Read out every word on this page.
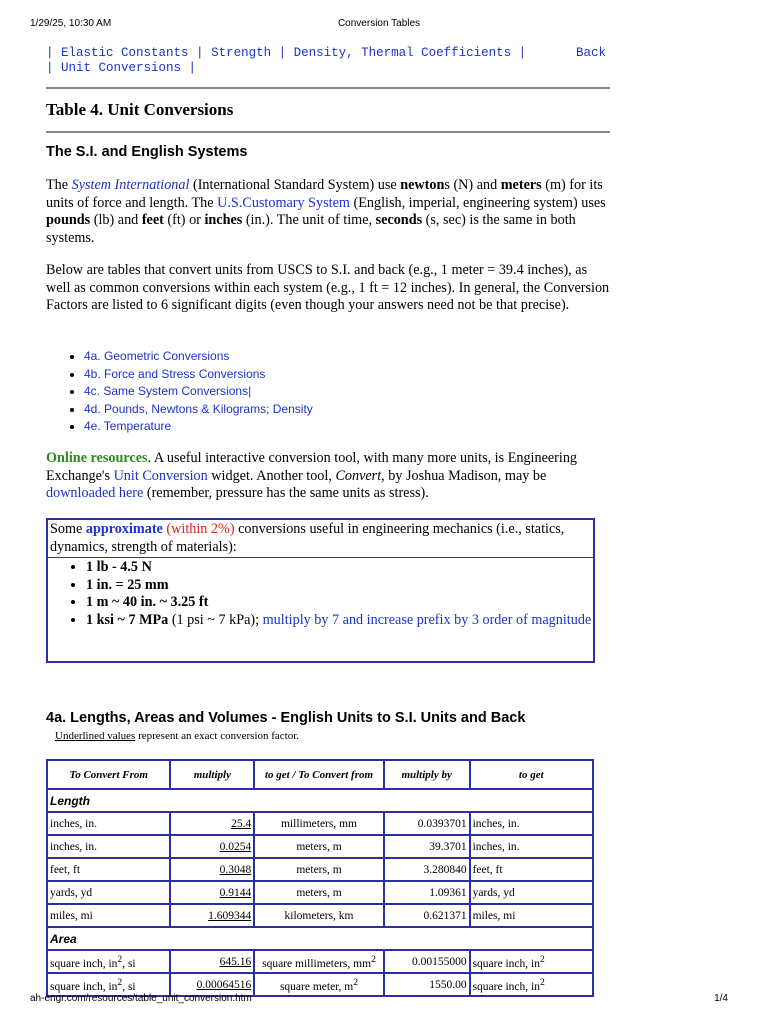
1/29/25, 10:30 AM	Conversion Tables
| Elastic Constants | Strength | Density, Thermal Coefficients |
| Unit Conversions |
Back
Table 4. Unit Conversions
The S.I. and English Systems
The System International (International Standard System) use newtons (N) and meters (m) for its units of force and length. The U.S.Customary System (English, imperial, engineering system) uses pounds (lb) and feet (ft) or inches (in.). The unit of time, seconds (s, sec) is the same in both systems.
Below are tables that convert units from USCS to S.I. and back (e.g., 1 meter = 39.4 inches), as well as common conversions within each system (e.g., 1 ft = 12 inches). In general, the Conversion Factors are listed to 6 significant digits (even though your answers need not be that precise).
• 4a. Geometric Conversions
• 4b. Force and Stress Conversions
• 4c. Same System Conversions|
• 4d. Pounds, Newtons & Kilograms; Density
• 4e. Temperature
Online resources. A useful interactive conversion tool, with many more units, is Engineering Exchange's Unit Conversion widget. Another tool, Convert, by Joshua Madison, may be downloaded here (remember, pressure has the same units as stress).
Some approximate (within 2%) conversions useful in engineering mechanics (i.e., statics, dynamics, strength of materials):
• 1 lb - 4.5 N
• 1 in. = 25 mm
• 1 m ~ 40 in. ~ 3.25 ft
• 1 ksi ~ 7 MPa (1 psi ~ 7 kPa); multiply by 7 and increase prefix by 3 order of magnitude
4a. Lengths, Areas and Volumes - English Units to S.I. Units and Back
Underlined values represent an exact conversion factor.
To Convert From	multiply	to get / To Convert from	multiply by	to get
Length				
inches, in.	25.4	millimeters, mm	0.0393701	inches, in.
inches, in.	0.0254	meters, m	39.3701	inches, in.
feet, ft	0.3048	meters, m	3.280840	feet, ft
yards, yd	0.9144	meters, m	1.09361	yards, yd
miles, mi	1.609344	kilometers, km	0.621371	miles, mi
Area				
square inch, $in^2$, si	645.16	square millimeters, $mm^2$	0.00155000	square inch, $in^2$
square inch, $in^2$, si	0.00064516	square meter, $m^2$	1550.00	square inch, $in^2$
ah-engr.com/resources/table_unit_conversion.htm	1/4
